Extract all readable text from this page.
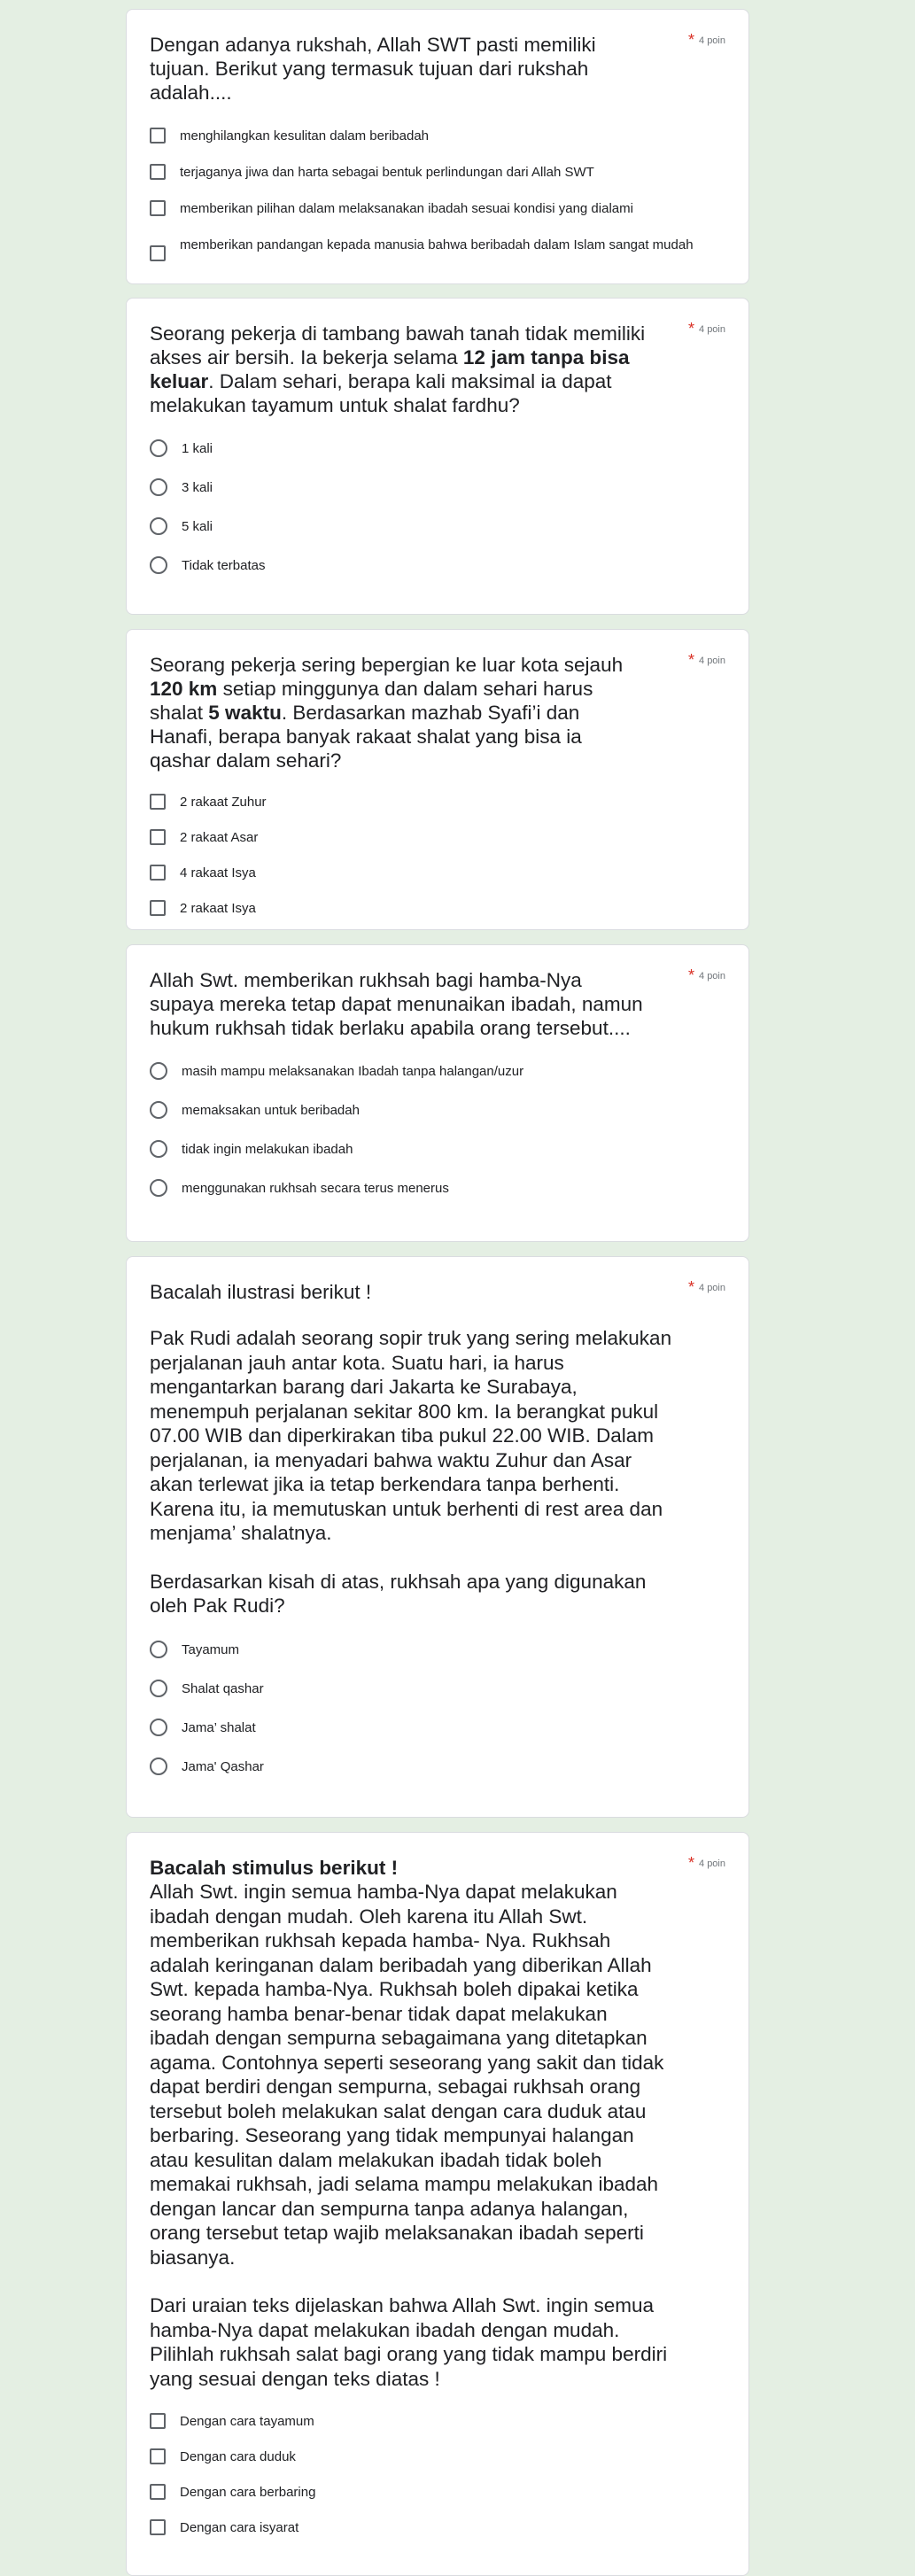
Dengan adanya rukshah, Allah SWT pasti memiliki tujuan. Berikut yang termasuk tujuan dari rukshah adalah....
* 4 poin
menghilangkan kesulitan dalam beribadah
terjaganya jiwa dan harta sebagai bentuk perlindungan dari Allah SWT
memberikan pilihan dalam melaksanakan ibadah sesuai kondisi yang dialami
memberikan pandangan kepada manusia bahwa beribadah dalam Islam sangat mudah
Seorang pekerja di tambang bawah tanah tidak memiliki akses air bersih. Ia bekerja selama 12 jam tanpa bisa keluar. Dalam sehari, berapa kali maksimal ia dapat melakukan tayamum untuk shalat fardhu?
* 4 poin
1 kali
3 kali
5 kali
Tidak terbatas
Seorang pekerja sering bepergian ke luar kota sejauh 120 km setiap minggunya dan dalam sehari harus shalat 5 waktu. Berdasarkan mazhab Syafi’i dan Hanafi, berapa banyak rakaat shalat yang bisa ia qashar dalam sehari?
* 4 poin
2 rakaat Zuhur
2 rakaat Asar
4 rakaat Isya
2 rakaat Isya
Allah Swt. memberikan rukhsah bagi hamba-Nya supaya mereka tetap dapat menunaikan ibadah, namun hukum rukhsah tidak berlaku apabila orang tersebut....
* 4 poin
masih mampu melaksanakan Ibadah tanpa halangan/uzur
memaksakan untuk beribadah
tidak ingin melakukan ibadah
menggunakan rukhsah secara terus menerus
Bacalah ilustrasi berikut !	* 4 poin
Pak Rudi adalah seorang sopir truk yang sering melakukan perjalanan jauh antar kota. Suatu hari, ia harus mengantarkan barang dari Jakarta ke Surabaya, menempuh perjalanan sekitar 800 km. Ia berangkat pukul 07.00 WIB dan diperkirakan tiba pukul 22.00 WIB. Dalam perjalanan, ia menyadari bahwa waktu Zuhur dan Asar akan terlewat jika ia tetap berkendara tanpa berhenti. Karena itu, ia memutuskan untuk berhenti di rest area dan menjama’ shalatnya.
Berdasarkan kisah di atas, rukhsah apa yang digunakan oleh Pak Rudi?
Tayamum
Shalat qashar
Jama’ shalat
Jama' Qashar
Bacalah stimulus berikut !	* 4 poin
Allah Swt. ingin semua hamba-Nya dapat melakukan ibadah dengan mudah. Oleh karena itu Allah Swt. memberikan rukhsah kepada hamba- Nya. Rukhsah adalah keringanan dalam beribadah yang diberikan Allah Swt. kepada hamba-Nya. Rukhsah boleh dipakai ketika seorang hamba benar-benar tidak dapat melakukan ibadah dengan sempurna sebagaimana yang ditetapkan agama. Contohnya seperti seseorang yang sakit dan tidak dapat berdiri dengan sempurna, sebagai rukhsah orang tersebut boleh melakukan salat dengan cara duduk atau berbaring. Seseorang yang tidak mempunyai halangan atau kesulitan dalam melakukan ibadah tidak boleh memakai rukhsah, jadi selama mampu melakukan ibadah dengan lancar dan sempurna tanpa adanya halangan, orang tersebut tetap wajib melaksanakan ibadah seperti biasanya.
Dari uraian teks dijelaskan bahwa Allah Swt. ingin semua hamba-Nya dapat melakukan ibadah dengan mudah. Pilihlah rukhsah salat bagi orang yang tidak mampu berdiri yang sesuai dengan teks diatas !
Dengan cara tayamum
Dengan cara duduk
Dengan cara berbaring
Dengan cara isyarat
